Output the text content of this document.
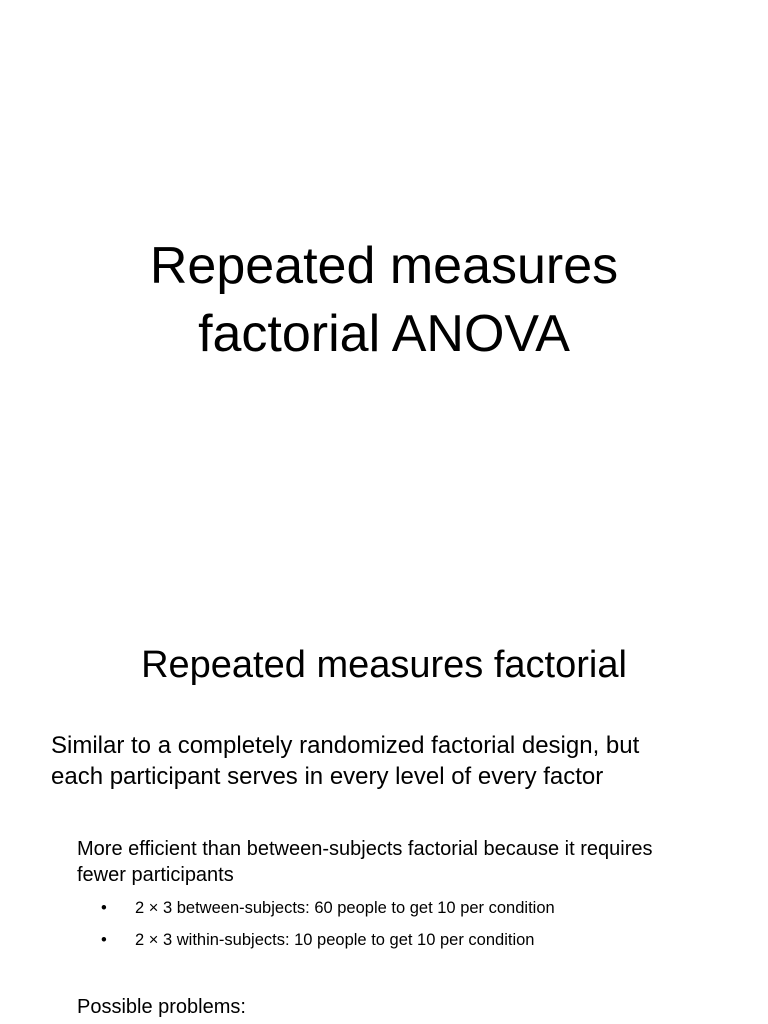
Repeated measures
factorial ANOVA
Repeated measures factorial

Similar to a completely randomized factorial design, but
each participant serves in every level of every factor

More efficient than between-subjects factorial because it requires
fewer participants

• 2 × 3 between-subjects: 60 people to get 10 per condition
• 2 × 3 within-subjects: 10 people to get 10 per condition

Possible problems:
